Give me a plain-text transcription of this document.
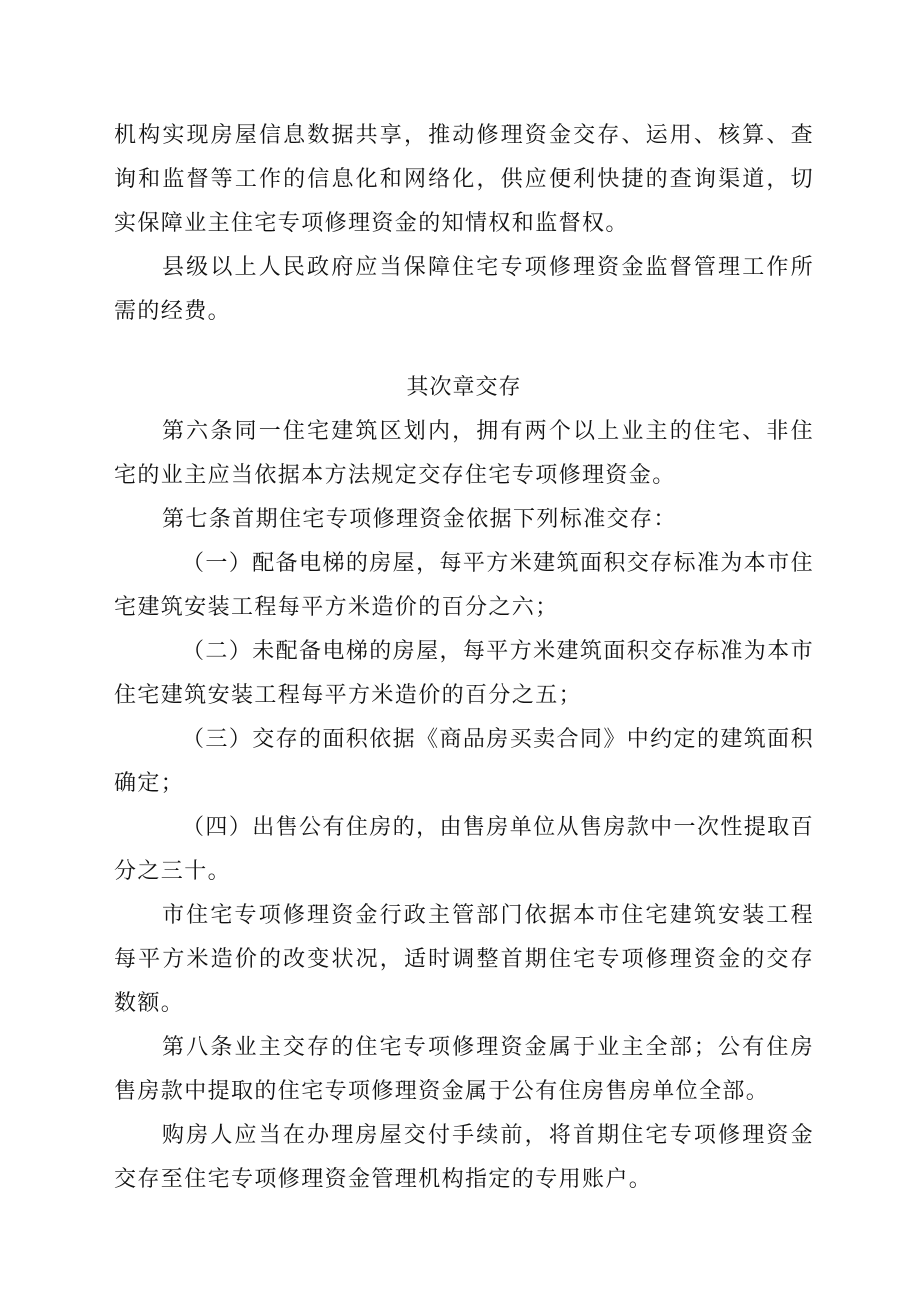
机构实现房屋信息数据共享，推动修理资金交存、运用、核算、查询和监督等工作的信息化和网络化，供应便利快捷的查询渠道，切实保障业主住宅专项修理资金的知情权和监督权。

县级以上人民政府应当保障住宅专项修理资金监督管理工作所需的经费。

其次章交存

第六条同一住宅建筑区划内，拥有两个以上业主的住宅、非住宅的业主应当依据本方法规定交存住宅专项修理资金。

第七条首期住宅专项修理资金依据下列标准交存：

（一）配备电梯的房屋，每平方米建筑面积交存标准为本市住宅建筑安装工程每平方米造价的百分之六；

（二）未配备电梯的房屋，每平方米建筑面积交存标准为本市住宅建筑安装工程每平方米造价的百分之五；

（三）交存的面积依据《商品房买卖合同》中约定的建筑面积确定；

（四）出售公有住房的，由售房单位从售房款中一次性提取百分之三十。

市住宅专项修理资金行政主管部门依据本市住宅建筑安装工程每平方米造价的改变状况，适时调整首期住宅专项修理资金的交存数额。

第八条业主交存的住宅专项修理资金属于业主全部；公有住房售房款中提取的住宅专项修理资金属于公有住房售房单位全部。

购房人应当在办理房屋交付手续前，将首期住宅专项修理资金交存至住宅专项修理资金管理机构指定的专用账户。
